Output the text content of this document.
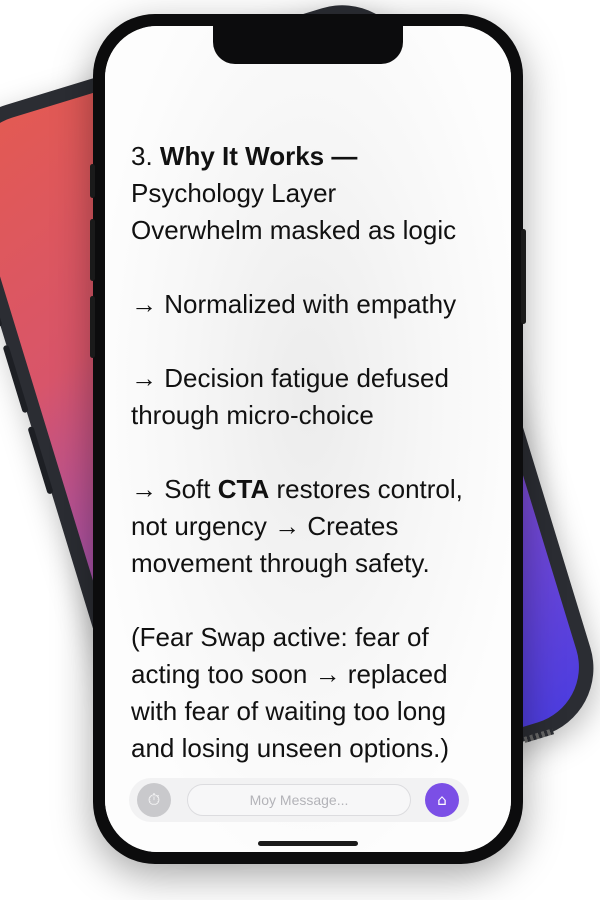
3. Why It Works —
Psychology Layer
Overwhelm masked as logic

→ Normalized with empathy

→ Decision fatigue defused through micro-choice

→ Soft CTA restores control, not urgency → Creates movement through safety.

(Fear Swap active: fear of acting too soon → replaced with fear of waiting too long and losing unseen options.)

⏱
Moy Message...	⌂
